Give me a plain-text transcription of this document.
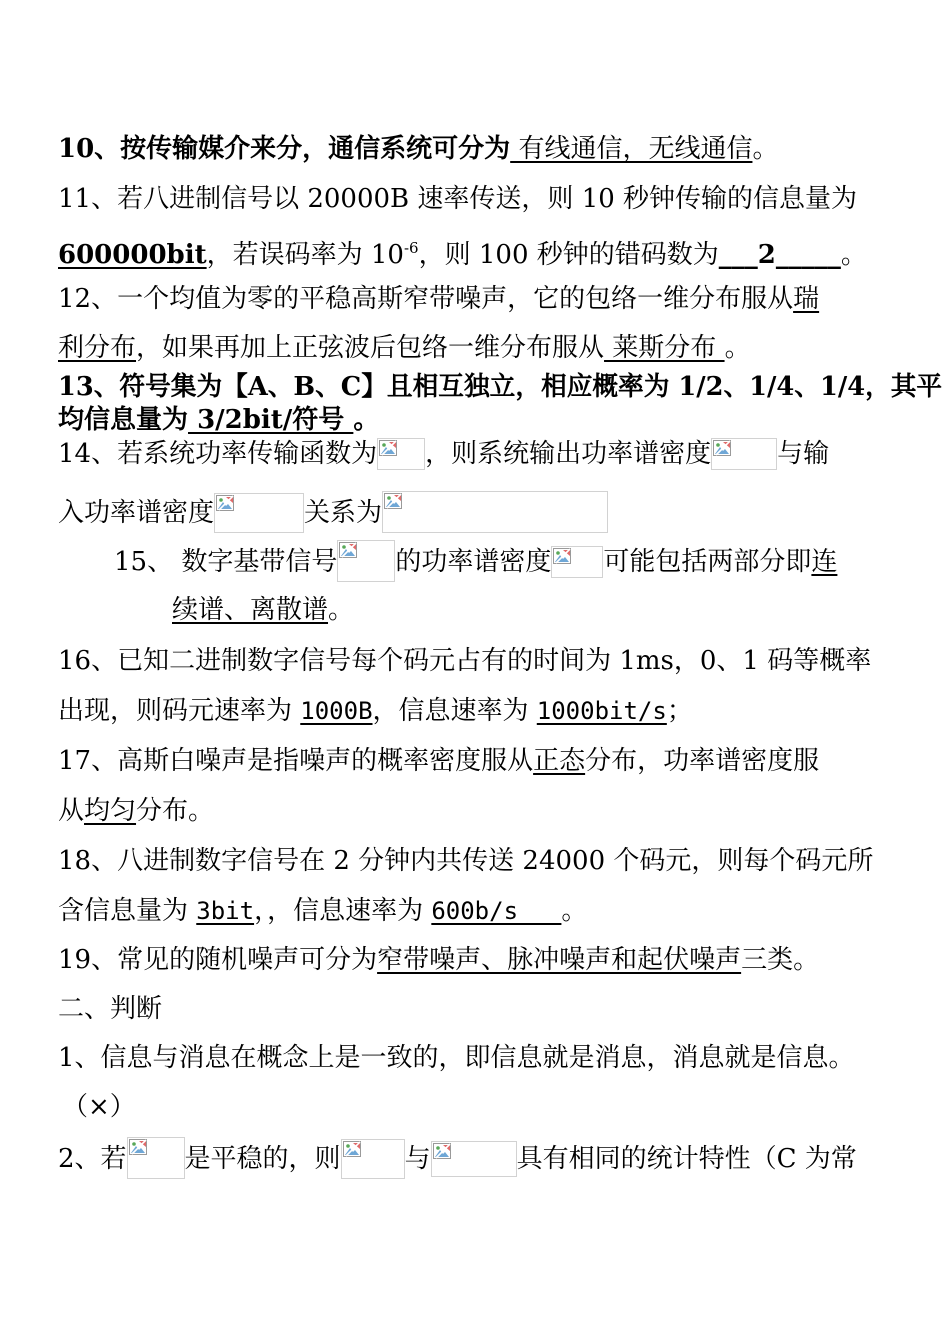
10、按传输媒介来分，通信系统可分为 有线通信，无线通信。
11、若八进制信号以 20000B 速率传送，则 10 秒钟传输的信息量为
600000bit，若误码率为 $10^{-6}$，则 100 秒钟的错码数为___2_____。
12、一个均值为零的平稳高斯窄带噪声，它的包络一维分布服从瑞
利分布，如果再加上正弦波后包络一维分布服从 莱斯分布 。
13、符号集为【A、B、C】且相互独立，相应概率为 1/2、1/4、1/4，其平
均信息量为 3/2bit/符号 。
14、若系统功率传输函数为 ，则系统输出功率谱密度	与输
入功率谱密度	关系为
15、 数字基带信号 的功率谱密度 可能包括两部分即连
续谱、离散谱。
16、已知二进制数字信号每个码元占有的时间为 1ms，0、1 码等概率
出现，则码元速率为 1000B，信息速率为 1000bit/s；
17、高斯白噪声是指噪声的概率密度服从正态分布，功率谱密度服
从均匀分布。
18、八进制数字信号在 2 分钟内共传送 24000 个码元，则每个码元所
含信息量为 3bit，，信息速率为 600b/s __。
19、常见的随机噪声可分为窄带噪声、脉冲噪声和起伏噪声三类。
二、判断
1、信息与消息在概念上是一致的，即信息就是消息，消息就是信息。
（×）
2、若 是平稳的，则 与	具有相同的统计特性（C 为常
